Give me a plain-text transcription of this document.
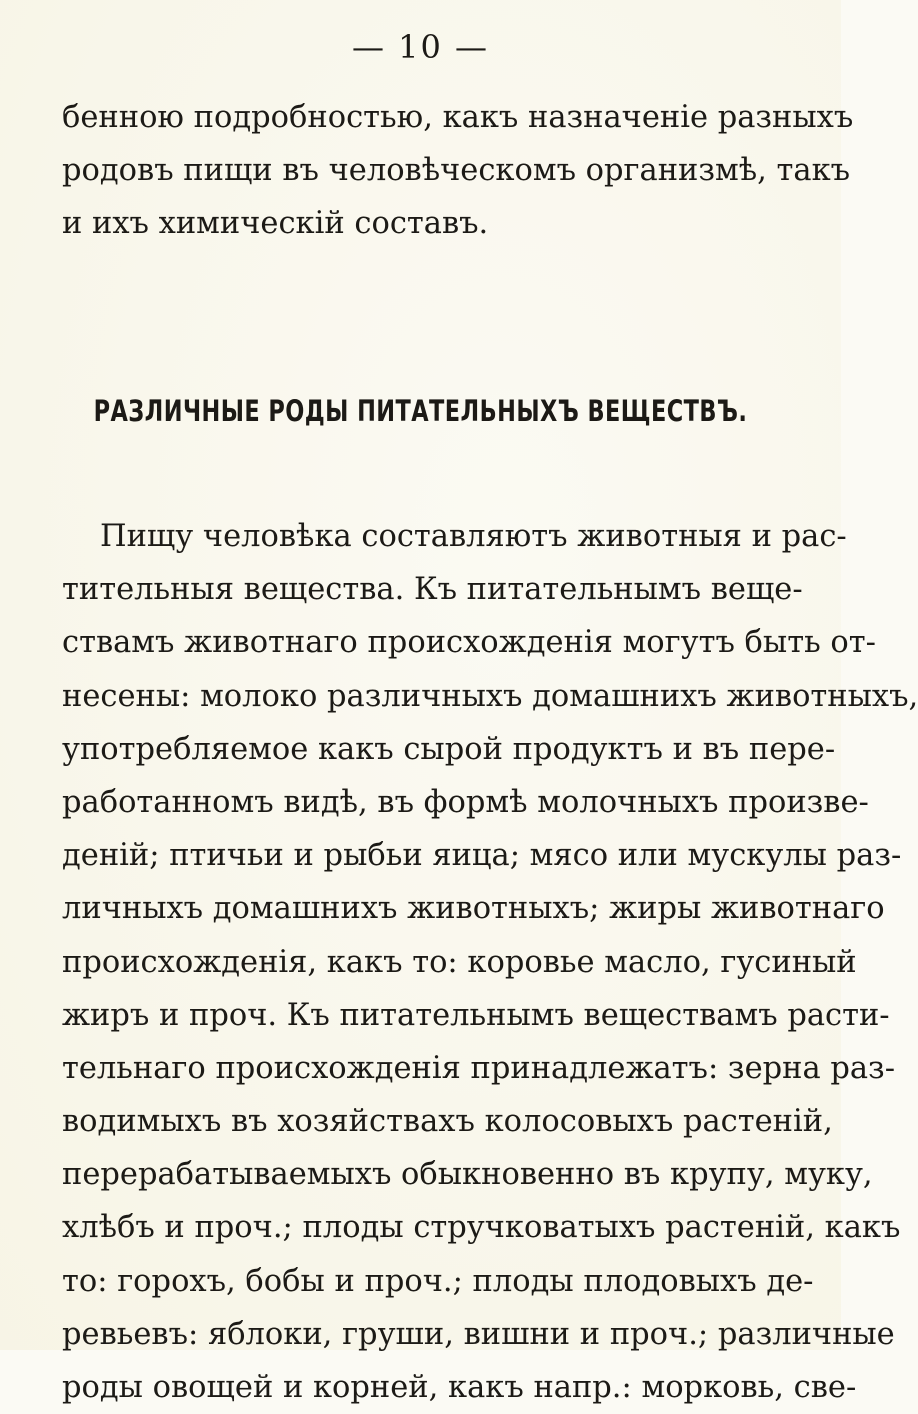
— 10 —
бенною подробностью, какъ назначенie разныхъ
родовъ пищи въ человѣческомъ организмѣ, такъ
и ихъ химическiй составъ.
РАЗЛИЧНЫЕ РОДЫ ПИТАТЕЛЬНЫХЪ ВЕЩЕСТВЪ.
Пищу человѣка составляютъ животныя и рас-
тительныя вещества. Къ питательнымъ веще-
ствамъ животнаго происхожденiя могутъ быть от-
несены: молоко различныхъ домашнихъ животныхъ,
употребляемое какъ сырой продуктъ и въ пере-
работанномъ видѣ, въ формѣ молочныхъ произве-
денiй; птичьи и рыбьи яица; мясо или мускулы раз-
личныхъ домашнихъ животныхъ; жиры животнаго
происхожденiя, какъ то: коровье масло, гусиный
жиръ и проч. Къ питательнымъ веществамъ расти-
тельнаго происхожденiя принадлежатъ: зерна раз-
водимыхъ въ хозяйствахъ колосовыхъ растенiй,
перерабатываемыхъ обыкновенно въ крупу, муку,
хлѣбъ и проч.; плоды стручковатыхъ растенiй, какъ
то: горохъ, бобы и проч.; плоды плодовыхъ де-
ревьевъ: яблоки, груши, вишни и проч.; различные
роды овощей и корней, какъ напр.: морковь, све-
